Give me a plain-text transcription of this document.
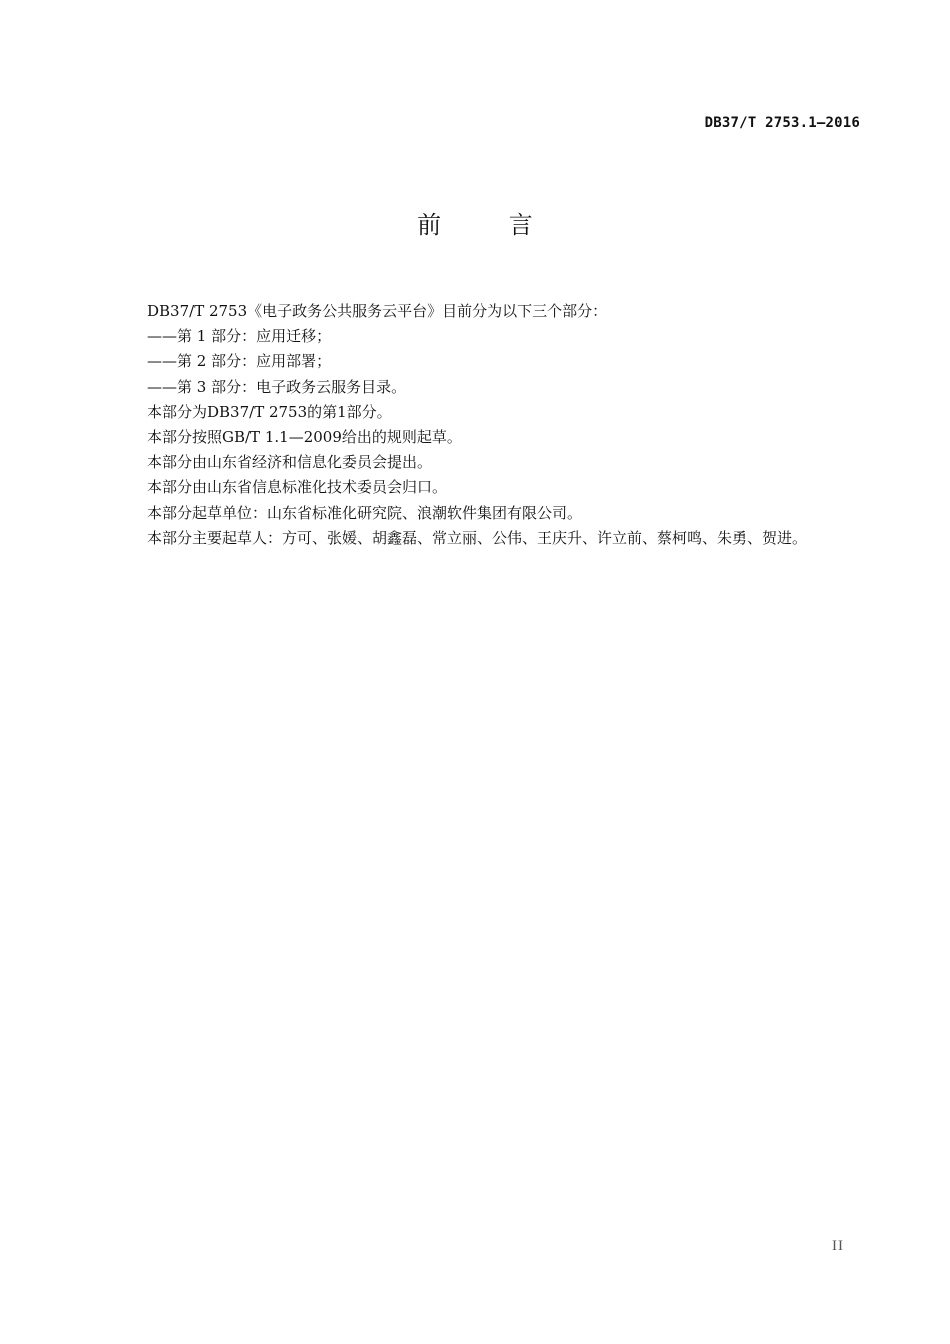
DB37/T 2753.1—2016
前 言
DB37/T 2753《电子政务公共服务云平台》目前分为以下三个部分：
——第 1 部分：应用迁移；
——第 2 部分：应用部署；
——第 3 部分：电子政务云服务目录。
本部分为DB37/T 2753的第1部分。
本部分按照GB/T 1.1—2009给出的规则起草。
本部分由山东省经济和信息化委员会提出。
本部分由山东省信息标准化技术委员会归口。
本部分起草单位：山东省标准化研究院、浪潮软件集团有限公司。
本部分主要起草人：方可、张媛、胡鑫磊、常立丽、公伟、王庆升、许立前、蔡柯鸣、朱勇、贺进。
II
